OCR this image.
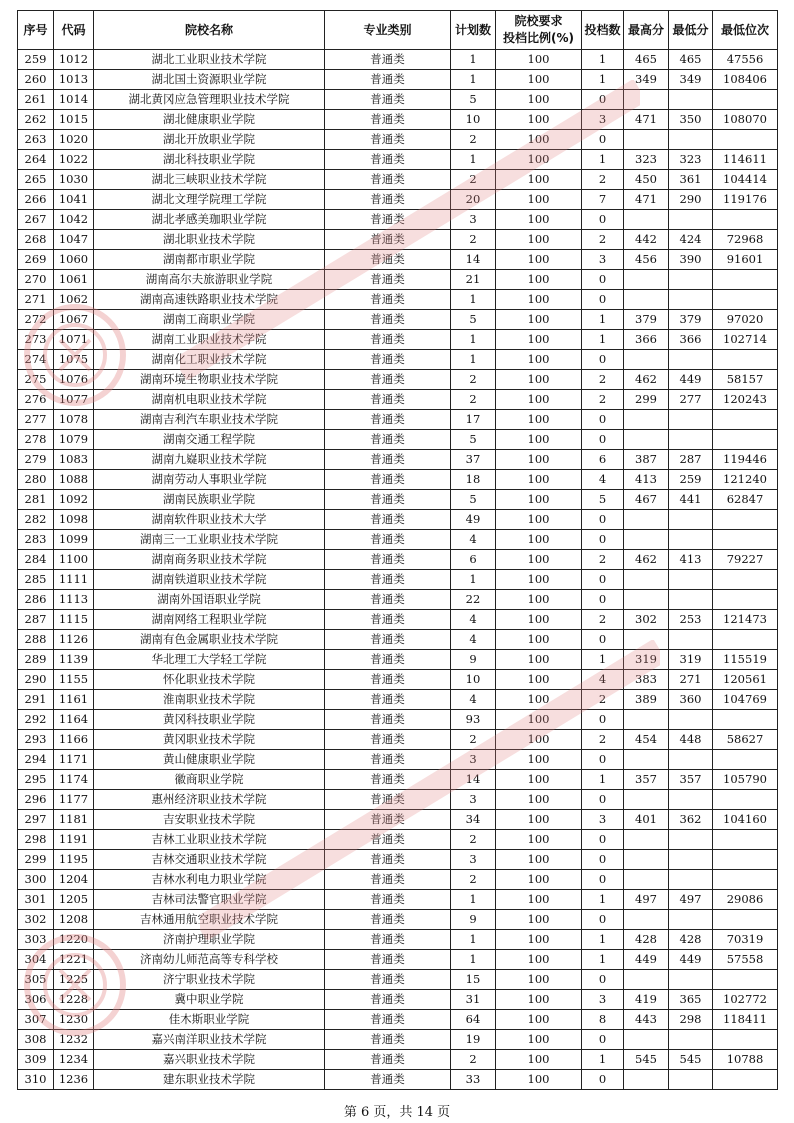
序号	代码	院校名称	专业类别	计划数	院校要求
投档比例(%)	投档数	最高分	最低分	最低位次
259	1012	湖北工业职业技术学院	普通类	1	100	1	465	465	47556
260	1013	湖北国土资源职业学院	普通类	1	100	1	349	349	108406
261	1014	湖北黄冈应急管理职业技术学院	普通类	5	100	0			
262	1015	湖北健康职业学院	普通类	10	100	3	471	350	108070
263	1020	湖北开放职业学院	普通类	2	100	0			
264	1022	湖北科技职业学院	普通类	1	100	1	323	323	114611
265	1030	湖北三峡职业技术学院	普通类	2	100	2	450	361	104414
266	1041	湖北文理学院理工学院	普通类	20	100	7	471	290	119176
267	1042	湖北孝感美珈职业学院	普通类	3	100	0			
268	1047	湖北职业技术学院	普通类	2	100	2	442	424	72968
269	1060	湖南都市职业学院	普通类	14	100	3	456	390	91601
270	1061	湖南高尔夫旅游职业学院	普通类	21	100	0			
271	1062	湖南高速铁路职业技术学院	普通类	1	100	0			
272	1067	湖南工商职业学院	普通类	5	100	1	379	379	97020
273	1071	湖南工业职业技术学院	普通类	1	100	1	366	366	102714
274	1075	湖南化工职业技术学院	普通类	1	100	0			
275	1076	湖南环境生物职业技术学院	普通类	2	100	2	462	449	58157
276	1077	湖南机电职业技术学院	普通类	2	100	2	299	277	120243
277	1078	湖南吉利汽车职业技术学院	普通类	17	100	0			
278	1079	湖南交通工程学院	普通类	5	100	0			
279	1083	湖南九嶷职业技术学院	普通类	37	100	6	387	287	119446
280	1088	湖南劳动人事职业学院	普通类	18	100	4	413	259	121240
281	1092	湖南民族职业学院	普通类	5	100	5	467	441	62847
282	1098	湖南软件职业技术大学	普通类	49	100	0			
283	1099	湖南三一工业职业技术学院	普通类	4	100	0			
284	1100	湖南商务职业技术学院	普通类	6	100	2	462	413	79227
285	1111	湖南铁道职业技术学院	普通类	1	100	0			
286	1113	湖南外国语职业学院	普通类	22	100	0			
287	1115	湖南网络工程职业学院	普通类	4	100	2	302	253	121473
288	1126	湖南有色金属职业技术学院	普通类	4	100	0			
289	1139	华北理工大学轻工学院	普通类	9	100	1	319	319	115519
290	1155	怀化职业技术学院	普通类	10	100	4	383	271	120561
291	1161	淮南职业技术学院	普通类	4	100	2	389	360	104769
292	1164	黄冈科技职业学院	普通类	93	100	0			
293	1166	黄冈职业技术学院	普通类	2	100	2	454	448	58627
294	1171	黄山健康职业学院	普通类	3	100	0			
295	1174	徽商职业学院	普通类	14	100	1	357	357	105790
296	1177	惠州经济职业技术学院	普通类	3	100	0			
297	1181	吉安职业技术学院	普通类	34	100	3	401	362	104160
298	1191	吉林工业职业技术学院	普通类	2	100	0			
299	1195	吉林交通职业技术学院	普通类	3	100	0			
300	1204	吉林水利电力职业学院	普通类	2	100	0			
301	1205	吉林司法警官职业学院	普通类	1	100	1	497	497	29086
302	1208	吉林通用航空职业技术学院	普通类	9	100	0			
303	1220	济南护理职业学院	普通类	1	100	1	428	428	70319
304	1221	济南幼儿师范高等专科学校	普通类	1	100	1	449	449	57558
305	1225	济宁职业技术学院	普通类	15	100	0			
306	1228	冀中职业学院	普通类	31	100	3	419	365	102772
307	1230	佳木斯职业学院	普通类	64	100	8	443	298	118411
308	1232	嘉兴南洋职业技术学院	普通类	19	100	0			
309	1234	嘉兴职业技术学院	普通类	2	100	1	545	545	10788
310	1236	建东职业技术学院	普通类	33	100	0			
第 6 页，共 14 页
